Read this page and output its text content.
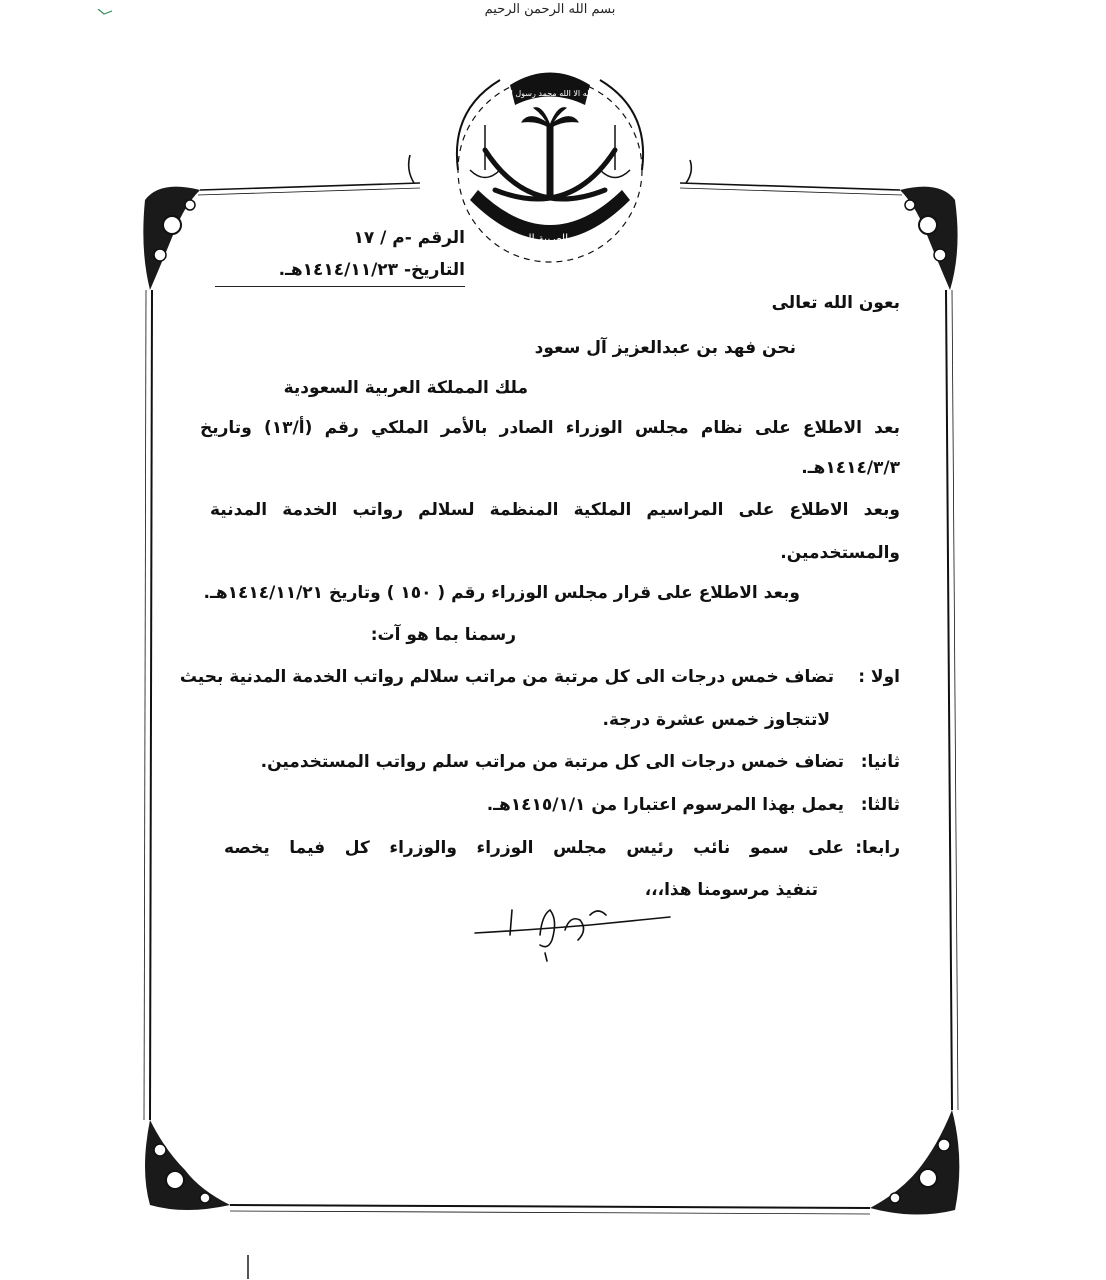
بسم الله الرحمن الرحيم
لا اله الا الله محمد رسول الله
المملكة العربية السعودية
الرقم -م / ١٧
التاريخ- ١٤١٤/١١/٢٣هـ.
بعون الله تعالى
نحن فهد بن عبدالعزيز آل سعود
ملك المملكة العربية السعودية
بعد الاطلاع على نظام مجلس الوزراء الصادر بالأمر الملكي رقم (أ/١٣) وتاريخ
١٤١٤/٣/٣هـ.
وبعد الاطلاع على المراسيم الملكية المنظمة لسلالم رواتب الخدمة المدنية
والمستخدمين.
وبعد الاطلاع على قرار مجلس الوزراء رقم ( ١٥٠ ) وتاريخ ١٤١٤/١١/٢١هـ.
رسمنا بما هو آت:
اولا :
تضاف خمس درجات الى كل مرتبة من مراتب سلالم رواتب الخدمة المدنية بحيث
لاتتجاوز خمس عشرة درجة.
ثانيا:
تضاف خمس درجات الى كل مرتبة من مراتب سلم رواتب المستخدمين.
ثالثا:
يعمل بهذا المرسوم اعتبارا من ١٤١٥/١/١هـ.
رابعا:
على سمو نائب رئيس مجلس الوزراء والوزراء كل فيما يخصه
تنفيذ مرسومنا هذا،،،
